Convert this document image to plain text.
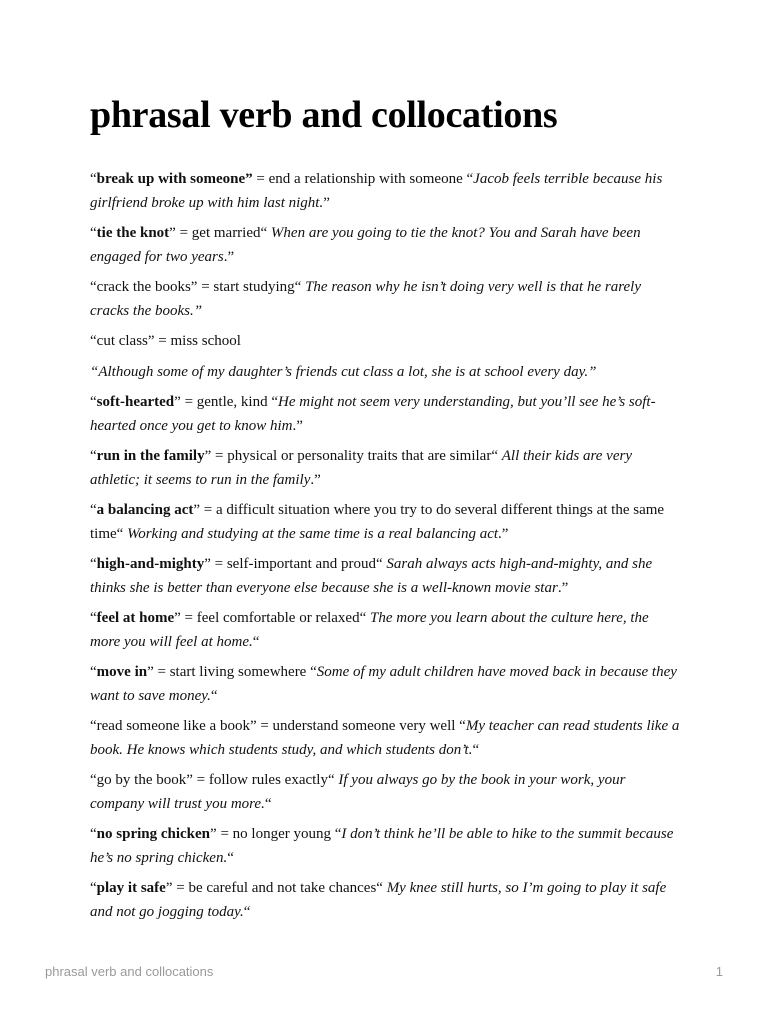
phrasal verb and collocations

“break up with someone” = end a relationship with someone “Jacob feels terrible because his girlfriend broke up with him last night.”

“tie the knot” = get married“ When are you going to tie the knot? You and Sarah have been engaged for two years.”

“crack the books” = start studying“ The reason why he isn’t doing very well is that he rarely cracks the books.”

“cut class” = miss school

“Although some of my daughter’s friends cut class a lot, she is at school every day.”

“soft-hearted” = gentle, kind “He might not seem very understanding, but you’ll see he’s soft-hearted once you get to know him.”

“run in the family” = physical or personality traits that are similar“ All their kids are very athletic; it seems to run in the family.”

“a balancing act” = a difficult situation where you try to do several different things at the same time“ Working and studying at the same time is a real balancing act.”

“high-and-mighty” = self-important and proud“ Sarah always acts high-and-mighty, and she thinks she is better than everyone else because she is a well-known movie star.”

“feel at home” = feel comfortable or relaxed“ The more you learn about the culture here, the more you will feel at home.“

“move in” = start living somewhere “Some of my adult children have moved back in because they want to save money.“

“read someone like a book” = understand someone very well “My teacher can read students like a book. He knows which students study, and which students don’t.“

“go by the book” = follow rules exactly“ If you always go by the book in your work, your company will trust you more.“

“no spring chicken” = no longer young “I don’t think he’ll be able to hike to the summit because he’s no spring chicken.“

“play it safe” = be careful and not take chances“ My knee still hurts, so I’m going to play it safe and not go jogging today.“

phrasal verb and collocations	1
